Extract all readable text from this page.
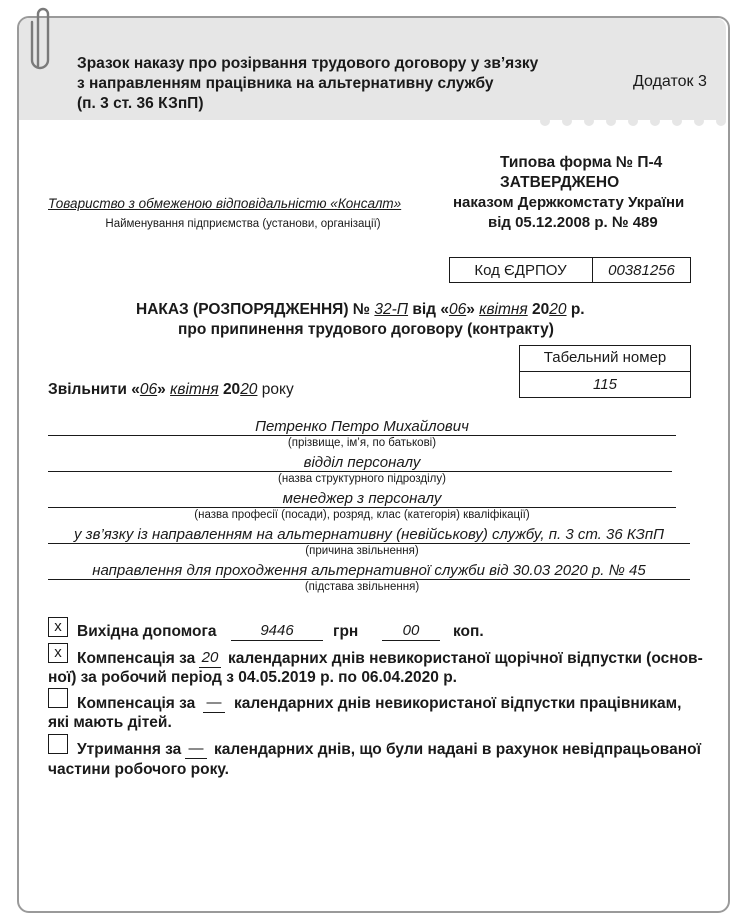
Зразок наказу про розірвання трудового договору у зв’язку
з направленням працівника на альтернативну службу
(п. 3 ст. 36 КЗпП)
Додаток 3
Типова форма № П-4
ЗАТВЕРДЖЕНО
наказом Держкомстату України
від 05.12.2008 р. № 489
Товариство з обмеженою відповідальністю «Консалт»
Найменування підприємства (установи, організації)
Код ЄДРПОУ	00381256
НАКАЗ (РОЗПОРЯДЖЕННЯ) № 32-П від «06» квітня 2020 р.
про припинення трудового договору (контракту)
Табельний номер
115
Звільнити «06» квітня 2020 року
Петренко Петро Михайлович
(прізвище, ім’я, по батькові)
відділ персоналу
(назва структурного підрозділу)
менеджер з персоналу
(назва професії (посади), розряд, клас (категорія) кваліфікації)
у зв’язку із направленням на альтернативну (невійськову) службу, п. 3 ст. 36 КЗпП
(причина звільнення)
направлення для проходження альтернативної служби від 30.03 2020 р. № 45
(підстава звільнення)
x Вихідна допомога	9446	грн	00	коп.
x Компенсація за 20 календарних днів невикористаної щорічної відпустки (основ-
ної) за робочий період з 04.05.2019 р. по 06.04.2020 р.
Компенсація за — календарних днів невикористаної відпустки працівникам,
які мають дітей.
Утримання за — календарних днів, що були надані в рахунок невідпрацьованої
частини робочого року.
